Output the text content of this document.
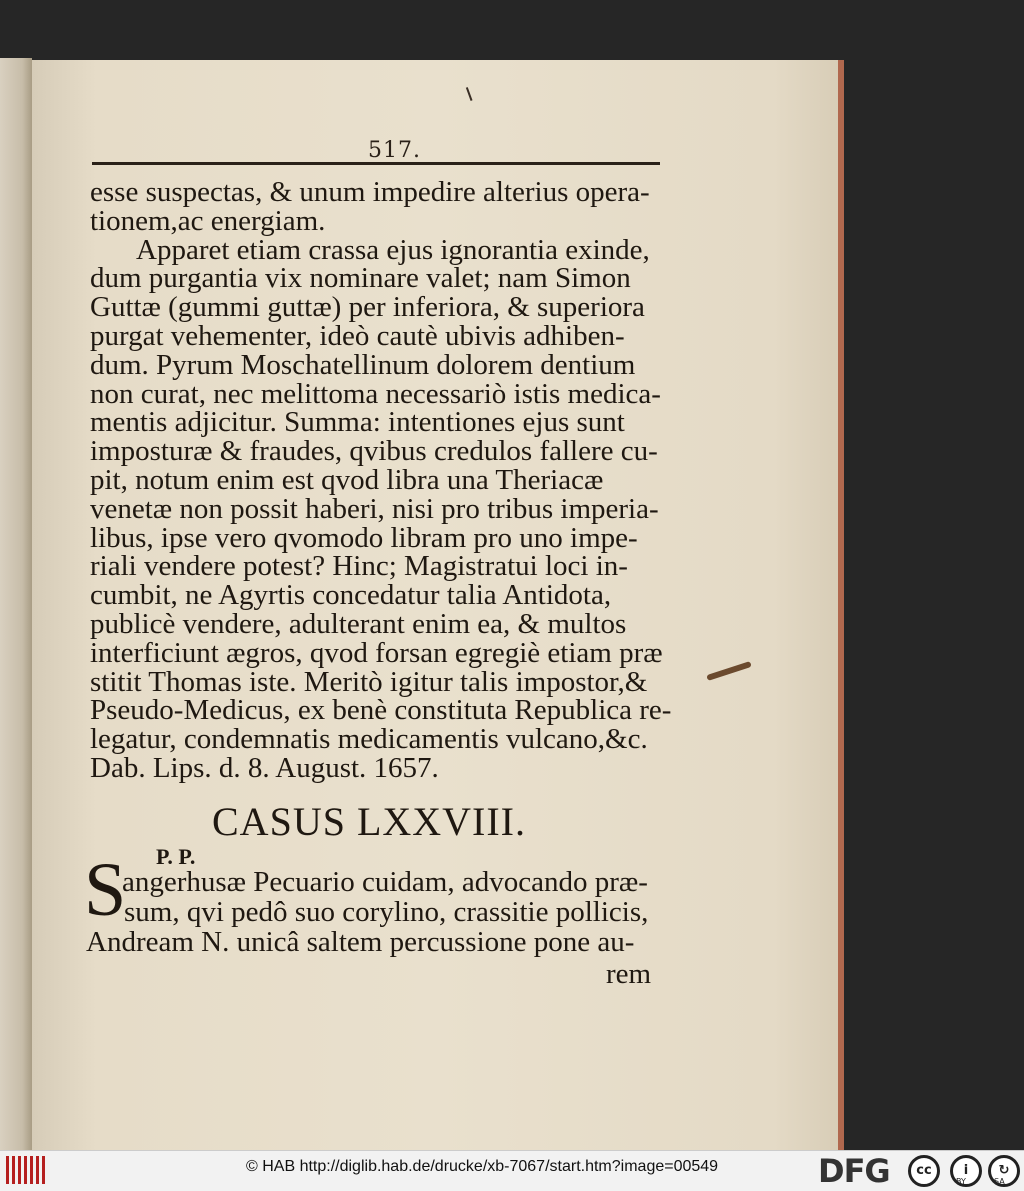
517.
esse suspectas, & unum impedire alterius opera-
tionem,ac energiam.
Apparet etiam crassa ejus ignorantia exinde,
dum purgantia vix nominare valet; nam Simon
Guttæ (gummi guttæ) per inferiora, & superiora
purgat vehementer, ideò cautè ubivis adhiben-
dum. Pyrum Moschatellinum dolorem dentium
non curat, nec melittoma necessariò istis medica-
mentis adjicitur. Summa: intentiones ejus sunt
imposturæ & fraudes, qvibus credulos fallere cu-
pit, notum enim est qvod libra una Theriacæ
venetæ non possit haberi, nisi pro tribus imperia-
libus, ipse vero qvomodo libram pro uno impe-
riali vendere potest? Hinc; Magistratui loci in-
cumbit, ne Agyrtis concedatur talia Antidota,
publicè vendere, adulterant enim ea, & multos
interficiunt ægros, qvod forsan egregiè etiam præ
stitit Thomas iste. Meritò igitur talis impostor,&
Pseudo-Medicus, ex benè constituta Republica re-
legatur, condemnatis medicamentis vulcano,&c.
Dab. Lips. d. 8. August. 1657.
CASUS LXXVIII.
P. P.
S
angerhusæ Pecuario cuidam, advocando præ-
sum, qvi pedô suo corylino, crassitie pollicis,
Andream N. unicâ saltem percussione pone au-
rem
© HAB http://diglib.hab.de/drucke/xb-7067/start.htm?image=00549	DFG	cc	i	↻
BY	SA
